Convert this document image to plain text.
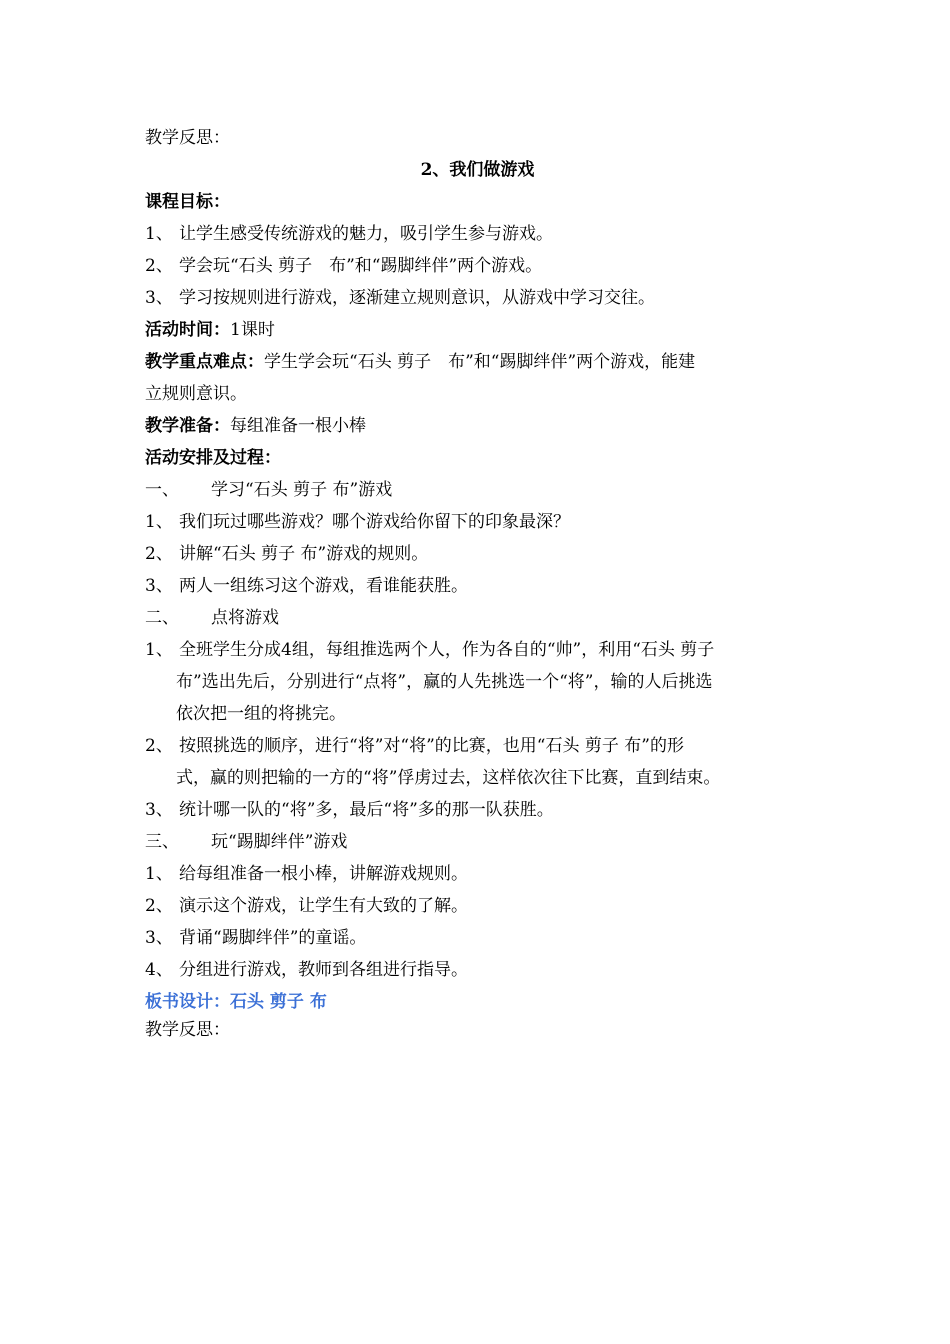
教学反思：
2、我们做游戏
课程目标：
1、 让学生感受传统游戏的魅力，吸引学生参与游戏。
2、 学会玩“石头 剪子　布”和“踢脚绊伴”两个游戏。
3、 学习按规则进行游戏，逐渐建立规则意识，从游戏中学习交往。
活动时间：1课时
教学重点难点：学生学会玩“石头 剪子　布”和“踢脚绊伴”两个游戏，能建
立规则意识。
教学准备：每组准备一根小棒
活动安排及过程：
一、 学习“石头 剪子 布”游戏
1、 我们玩过哪些游戏？哪个游戏给你留下的印象最深？
2、 讲解“石头 剪子 布”游戏的规则。
3、 两人一组练习这个游戏，看谁能获胜。
二、 点将游戏
1、 全班学生分成4组，每组推选两个人，作为各自的“帅”，利用“石头 剪子
布”选出先后，分别进行“点将”，赢的人先挑选一个“将”，输的人后挑选
依次把一组的将挑完。
2、 按照挑选的顺序，进行“将”对“将”的比赛，也用“石头 剪子 布”的形
式，赢的则把输的一方的“将”俘虏过去，这样依次往下比赛，直到结束。
3、 统计哪一队的“将”多，最后“将”多的那一队获胜。
三、 玩“踢脚绊伴”游戏
1、 给每组准备一根小棒，讲解游戏规则。
2、 演示这个游戏，让学生有大致的了解。
3、 背诵“踢脚绊伴”的童谣。
4、 分组进行游戏，教师到各组进行指导。
板书设计：石头 剪子 布
教学反思：
